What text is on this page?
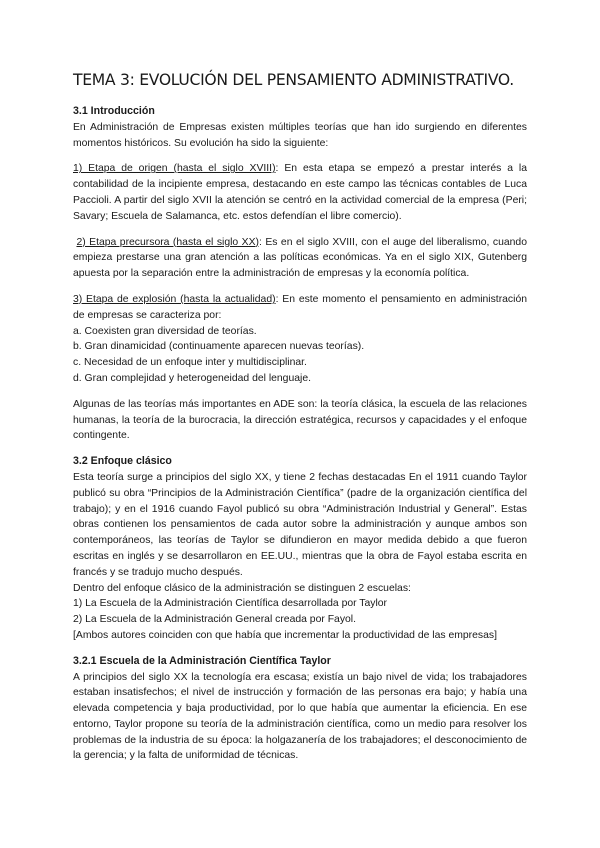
TEMA 3: EVOLUCIÓN DEL PENSAMIENTO ADMINISTRATIVO.
3.1 Introducción

En Administración de Empresas existen múltiples teorías que han ido surgiendo en diferentes momentos históricos. Su evolución ha sido la siguiente:

1) Etapa de origen (hasta el siglo XVIII): En esta etapa se empezó a prestar interés a la contabilidad de la incipiente empresa, destacando en este campo las técnicas contables de Luca Paccioli. A partir del siglo XVII la atención se centró en la actividad comercial de la empresa (Peri; Savary; Escuela de Salamanca, etc. estos defendían el libre comercio).

2) Etapa precursora (hasta el siglo XX): Es en el siglo XVIII, con el auge del liberalismo, cuando empieza prestarse una gran atención a las políticas económicas. Ya en el siglo XIX, Gutenberg apuesta por la separación entre la administración de empresas y la economía política.

3) Etapa de explosión (hasta la actualidad): En este momento el pensamiento en administración de empresas se caracteriza por:

a. Coexisten gran diversidad de teorías.
b. Gran dinamicidad (continuamente aparecen nuevas teorías).
c. Necesidad de un enfoque inter y multidisciplinar.
d. Gran complejidad y heterogeneidad del lenguaje.

Algunas de las teorías más importantes en ADE son: la teoría clásica, la escuela de las relaciones humanas, la teoría de la burocracia, la dirección estratégica, recursos y capacidades y el enfoque contingente.

3.2 Enfoque clásico

Esta teoría surge a principios del siglo XX, y tiene 2 fechas destacadas En el 1911 cuando Taylor publicó su obra “Principios de la Administración Científica” (padre de la organización científica del trabajo); y en el 1916 cuando Fayol publicó su obra “Administración Industrial y General”. Estas obras contienen los pensamientos de cada autor sobre la administración y aunque ambos son contemporáneos, las teorías de Taylor se difundieron en mayor medida debido a que fueron escritas en inglés y se desarrollaron en EE.UU., mientras que la obra de Fayol estaba escrita en francés y se tradujo mucho después.

Dentro del enfoque clásico de la administración se distinguen 2 escuelas:

1) La Escuela de la Administración Científica desarrollada por Taylor

2) La Escuela de la Administración General creada por Fayol.

[Ambos autores coinciden con que había que incrementar la productividad de las empresas]

3.2.1 Escuela de la Administración Científica Taylor

A principios del siglo XX la tecnología era escasa; existía un bajo nivel de vida; los trabajadores estaban insatisfechos; el nivel de instrucción y formación de las personas era bajo; y había una elevada competencia y baja productividad, por lo que había que aumentar la eficiencia. En ese entorno, Taylor propone su teoría de la administración científica, como un medio para resolver los problemas de la industria de su época: la holgazanería de los trabajadores; el desconocimiento de la gerencia; y la falta de uniformidad de técnicas.
